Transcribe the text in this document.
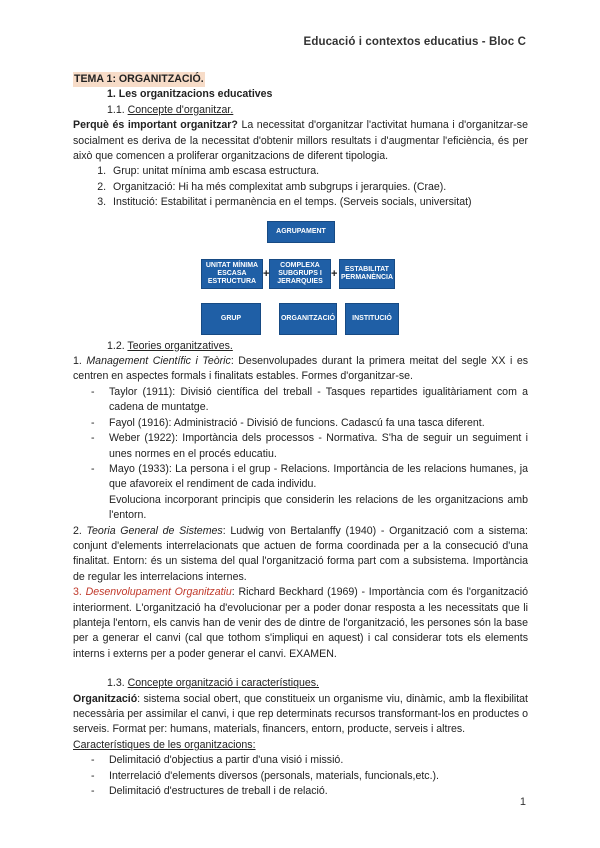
Educació i contextos educatius - Bloc C

TEMA 1: ORGANITZACIÓ.

1. Les organitzacions educatives

1.1. Concepte d'organitzar.

Perquè és important organitzar? La necessitat d'organitzar l'activitat humana i d'organitzar-se socialment es deriva de la necessitat d'obtenir millors resultats i d'augmentar l'eficiència, és per això que comencen a proliferar organitzacions de diferent tipologia.

1. Grup: unitat mínima amb escasa estructura.
2. Organització: Hi ha més complexitat amb subgrups i jerarquies. (Crae).
3. Institució: Estabilitat i permanència en el temps. (Serveis socials, universitat)
AGRUPAMENT
UNITAT MÍNIMA ESCASA ESTRUCTURA
+
COMPLEXA SUBGRUPS I JERARQUIES
+	ESTABILITAT PERMANÈNCIA
GRUP	ORGANITZACIÓ	INSTITUCIÓ

1.2. Teories organitzatives.

1. Management Científic i Teòric: Desenvolupades durant la primera meitat del segle XX i es centren en aspectes formals i finalitats estables. Formes d'organitzar-se.

- Taylor (1911): Divisió científica del treball - Tasques repartides igualitàriament com a cadena de muntatge.
- Fayol (1916): Administració - Divisió de funcions. Cadascú fa una tasca diferent.
- Weber (1922): Importància dels processos - Normativa. S'ha de seguir un seguiment i unes normes en el procés educatiu.
- Mayo (1933): La persona i el grup - Relacions. Importància de les relacions humanes, ja que afavoreix el rendiment de cada individu.

Evoluciona incorporant principis que considerin les relacions de les organitzacions amb l'entorn.

2. Teoria General de Sistemes: Ludwig von Bertalanffy (1940) - Organització com a sistema: conjunt d'elements interrelacionats que actuen de forma coordinada per a la consecució d'una finalitat. Entorn: és un sistema del qual l'organització forma part com a subsistema. Importància de regular les interrelacions internes.

3. Desenvolupament Organitzatiu: Richard Beckhard (1969) - Importància com és l'organització interiorment. L'organització ha d'evolucionar per a poder donar resposta a les necessitats que li planteja l'entorn, els canvis han de venir des de dintre de l'organització, les persones són la base per a generar el canvi (cal que tothom s'impliqui en aquest) i cal considerar tots els elements interns i externs per a poder generar el canvi. EXAMEN.

1.3. Concepte organització i característiques.

Organització: sistema social obert, que constitueix un organisme viu, dinàmic, amb la flexibilitat necessària per assimilar el canvi, i que rep determinats recursos transformant-los en productes o serveis. Format per: humans, materials, financers, entorn, producte, serveis i altres.

Característiques de les organitzacions:

- Delimitació d'objectius a partir d'una visió i missió.
- Interrelació d'elements diversos (personals, materials, funcionals,etc.).
- Delimitació d'estructures de treball i de relació.
1
